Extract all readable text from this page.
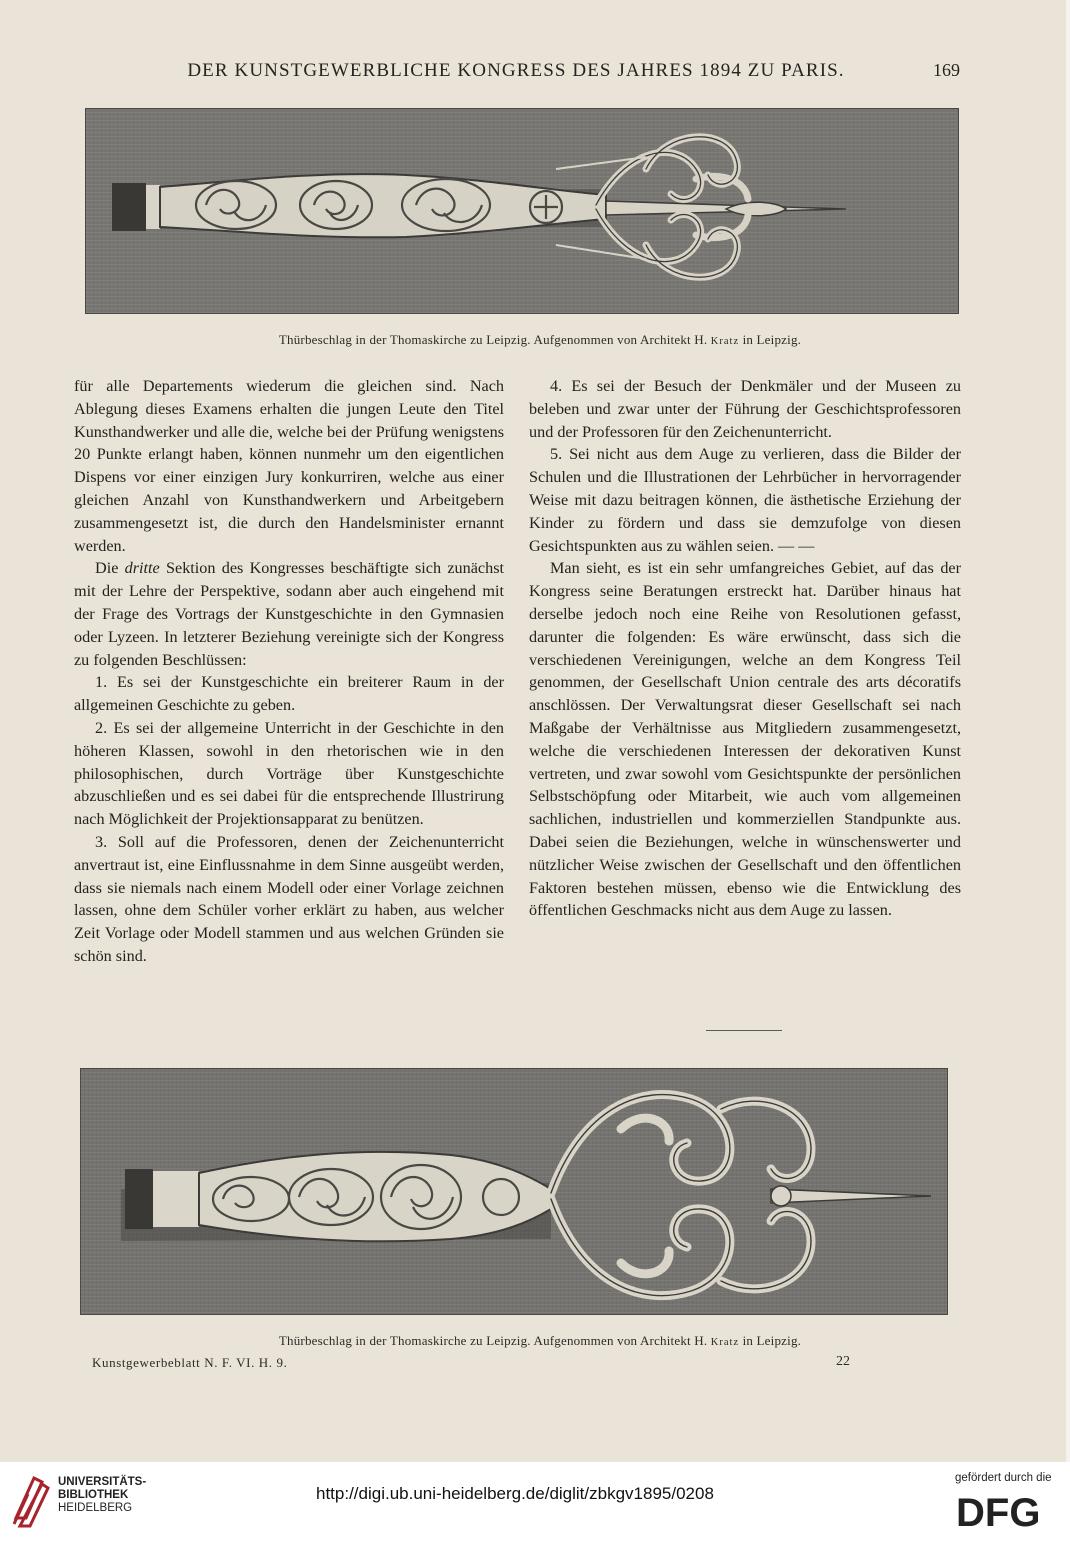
DER KUNSTGEWERBLICHE KONGRESS DES JAHRES 1894 ZU PARIS.	169
Thürbeschlag in der Thomaskirche zu Leipzig. Aufgenommen von Architekt H. Kratz in Leipzig.

für alle Departements wiederum die gleichen sind. Nach Ablegung dieses Examens erhalten die jungen Leute den Titel Kunsthandwerker und alle die, welche bei der Prüfung wenigstens 20 Punkte erlangt haben, können nunmehr um den eigentlichen Dispens vor einer einzigen Jury konkurriren, welche aus einer gleichen Anzahl von Kunsthandwerkern und Arbeitgebern zusammengesetzt ist, die durch den Handelsminister ernannt werden.

Die dritte Sektion des Kongresses beschäftigte sich zunächst mit der Lehre der Perspektive, sodann aber auch eingehend mit der Frage des Vortrags der Kunstgeschichte in den Gymnasien oder Lyzeen. In letzterer Beziehung vereinigte sich der Kongress zu folgenden Beschlüssen:

1. Es sei der Kunstgeschichte ein breiterer Raum in der allgemeinen Geschichte zu geben.

2. Es sei der allgemeine Unterricht in der Geschichte in den höheren Klassen, sowohl in den rhetorischen wie in den philosophischen, durch Vorträge über Kunstgeschichte abzuschließen und es sei dabei für die entsprechende Illustrirung nach Möglichkeit der Projektionsapparat zu benützen.

3. Soll auf die Professoren, denen der Zeichenunterricht anvertraut ist, eine Einflussnahme in dem Sinne ausgeübt werden, dass sie niemals nach einem Modell oder einer Vorlage zeichnen lassen, ohne dem Schüler vorher erklärt zu haben, aus welcher Zeit Vorlage oder Modell stammen und aus welchen Gründen sie schön sind.

4. Es sei der Besuch der Denkmäler und der Museen zu beleben und zwar unter der Führung der Geschichtsprofessoren und der Professoren für den Zeichenunterricht.

5. Sei nicht aus dem Auge zu verlieren, dass die Bilder der Schulen und die Illustrationen der Lehrbücher in hervorragender Weise mit dazu beitragen können, die ästhetische Erziehung der Kinder zu fördern und dass sie demzufolge von diesen Gesichtspunkten aus zu wählen seien. — —

Man sieht, es ist ein sehr umfangreiches Gebiet, auf das der Kongress seine Beratungen erstreckt hat. Darüber hinaus hat derselbe jedoch noch eine Reihe von Resolutionen gefasst, darunter die folgenden: Es wäre erwünscht, dass sich die verschiedenen Vereinigungen, welche an dem Kongress Teil genommen, der Gesellschaft Union centrale des arts décoratifs anschlössen. Der Verwaltungsrat dieser Gesellschaft sei nach Maßgabe der Verhältnisse aus Mitgliedern zusammengesetzt, welche die verschiedenen Interessen der dekorativen Kunst vertreten, und zwar sowohl vom Gesichtspunkte der persönlichen Selbstschöpfung oder Mitarbeit, wie auch vom allgemeinen sachlichen, industriellen und kommerziellen Standpunkte aus. Dabei seien die Beziehungen, welche in wünschenswerter und nützlicher Weise zwischen der Gesellschaft und den öffentlichen Faktoren bestehen müssen, ebenso wie die Entwicklung des öffentlichen Geschmacks nicht aus dem Auge zu lassen.

Thürbeschlag in der Thomaskirche zu Leipzig. Aufgenommen von Architekt H. Kratz in Leipzig.
Kunstgewerbeblatt N. F. VI. H. 9.	22
UNIVERSITÄTS-
BIBLIOTHEK
HEIDELBERG
http://digi.ub.uni-heidelberg.de/diglit/zbkgv1895/0208
gefördert durch die
DFG
